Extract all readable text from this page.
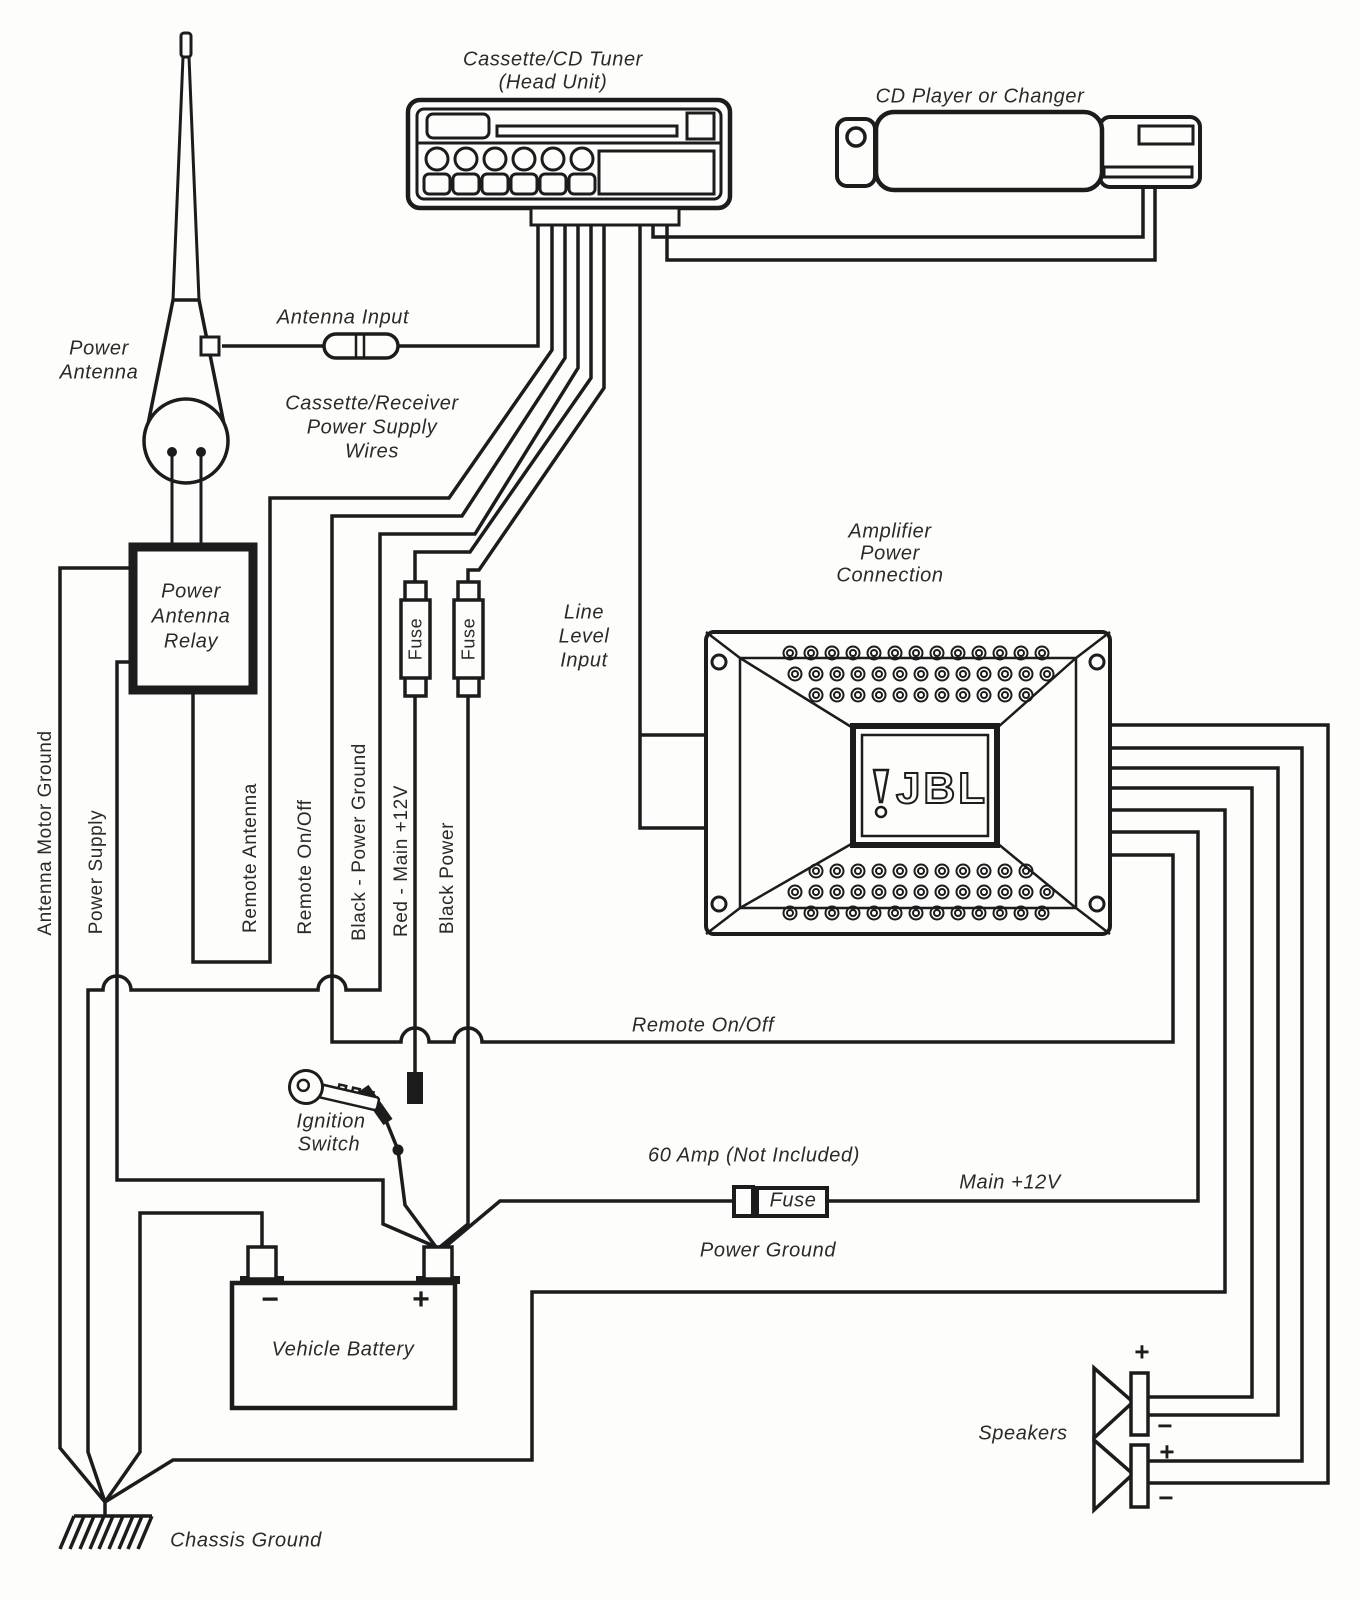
JBL
Cassette/CD Tuner
(Head Unit)
CD Player or Changer
Power
Antenna
Antenna Input
Cassette/Receiver
Power Supply
Wires
Power
Antenna
Relay
Amplifier
Power
Connection
Line
Level
Input
Antenna Motor Ground Power Supply	Remote Antenna Remote On/Off Black - Power Ground Red - Main +12V Black Power
Fuse Fuse
Remote On/Off
Ignition
Switch	60 Amp (Not Included)
Fuse
Main +12V
Power Ground
Vehicle Battery
−	+
Speakers
+
−
+
−
Chassis Ground
